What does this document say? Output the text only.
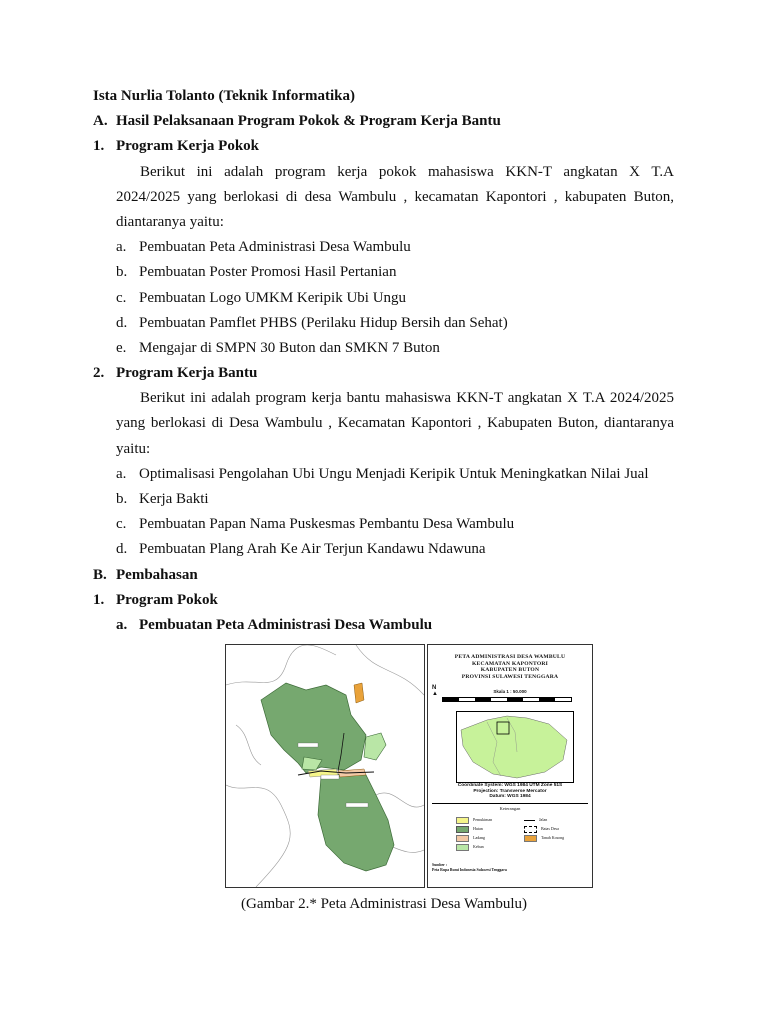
Ista Nurlia Tolanto (Teknik Informatika)
A. Hasil Pelaksanaan Program Pokok & Program Kerja Bantu
1. Program Kerja Pokok
Berikut ini adalah program kerja pokok mahasiswa KKN-T angkatan X T.A
2024/2025 yang berlokasi di desa Wambulu , kecamatan Kapontori , kabupaten Buton,
diantaranya yaitu:
a. Pembuatan Peta Administrasi Desa Wambulu
b. Pembuatan Poster Promosi Hasil Pertanian
c. Pembuatan Logo UMKM Keripik Ubi Ungu
d. Pembuatan Pamflet PHBS (Perilaku Hidup Bersih dan Sehat)
e. Mengajar di SMPN 30 Buton dan SMKN 7 Buton
2. Program Kerja Bantu
Berikut ini adalah program kerja bantu mahasiswa KKN-T angkatan X T.A 2024/2025
yang berlokasi di Desa Wambulu , Kecamatan Kapontori , Kabupaten Buton, diantaranya
yaitu:
a. Optimalisasi Pengolahan Ubi Ungu Menjadi Keripik Untuk Meningkatkan Nilai Jual
b. Kerja Bakti
c. Pembuatan Papan Nama Puskesmas Pembantu Desa Wambulu
d. Pembuatan Plang Arah Ke Air Terjun Kandawu Ndawuna
B. Pembahasan
1. Program Pokok
a. Pembuatan Peta Administrasi Desa Wambulu
PETA ADMINISTRASI DESA WAMBULU
KECAMATAN KAPONTORI
KABUPATEN BUTON
PROVINSI SULAWESI TENGGARA
N
▲	Skala 1 : 50.000
Coordinate System: WGS 1984 UTM Zone 51S
Projection: Transverse Mercator
Datum: WGS 1984
Keterangan
Pemukiman
Hutan
Ladang
Kebun
Jalan
Batas Desa
Tanah Kosong
Sumber :
Peta Rupa Bumi Indonesia Sulawesi Tenggara
(Gambar 2.* Peta Administrasi Desa Wambulu)
